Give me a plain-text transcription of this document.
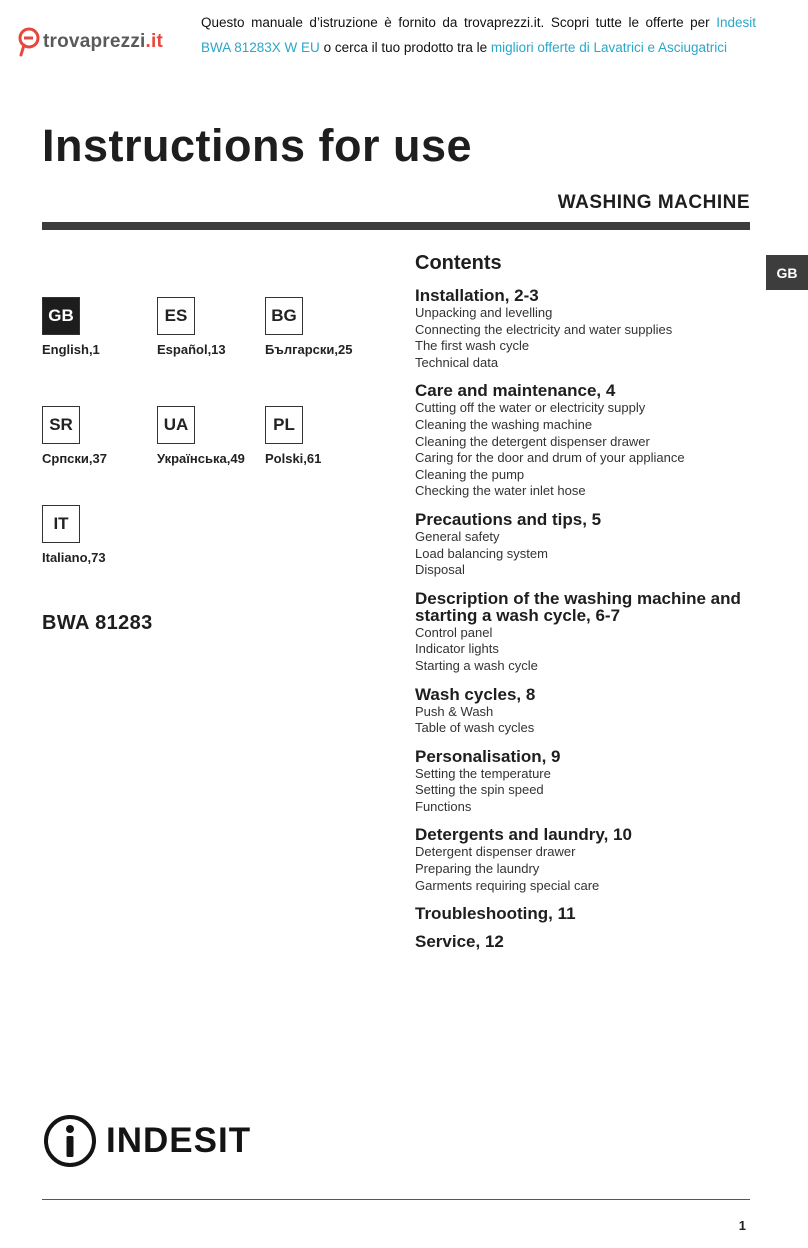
trovaprezzi.it
Questo manuale d’istruzione è fornito da trovaprezzi.it. Scopri tutte le offerte per Indesit BWA 81283X W EU o cerca il tuo prodotto tra le migliori offerte di Lavatrici e Asciugatrici
Instructions for use
WASHING MACHINE
GB
GB
English,1
ES
Español,13
BG
Български,25
SR
Српски,37
UA
Українська,49
PL
Polski,61
IT
Italiano,73
BWA 81283
Contents
Installation, 2-3
Unpacking and levelling
Connecting the electricity and water supplies
The first wash cycle
Technical data
Care and maintenance, 4
Cutting off the water or electricity supply
Cleaning the washing machine
Cleaning the detergent dispenser drawer
Caring for the door and drum of your appliance
Cleaning the pump
Checking the water inlet hose
Precautions and tips, 5
General safety
Load balancing system
Disposal
Description of the washing machine and starting a wash cycle, 6-7
Control panel
Indicator lights
Starting a wash cycle
Wash cycles, 8
Push & Wash
Table of wash cycles
Personalisation, 9
Setting the temperature
Setting the spin speed
Functions
Detergents and laundry, 10
Detergent dispenser drawer
Preparing the laundry
Garments requiring special care
Troubleshooting, 11
Service, 12
INDESIT
1
